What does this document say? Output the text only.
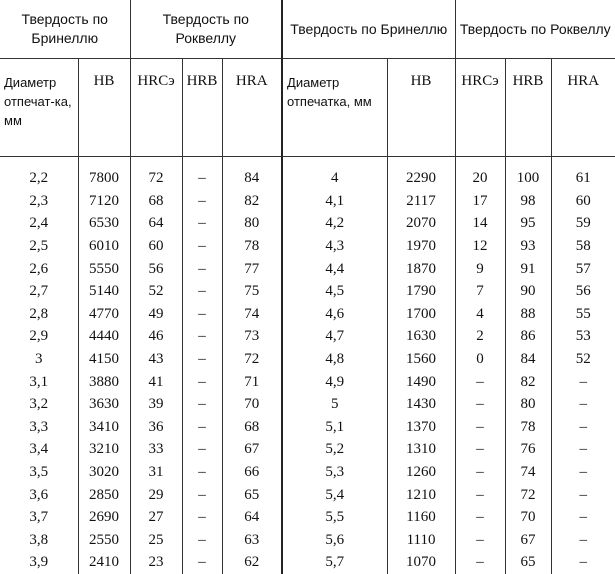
Твердость по Бринеллю		Твердость по Роквеллу			Твердость по Бринеллю		Твердость по Роквеллу		
Диаметр отпечат-ка, мм	НВ	HRCэ	HRB	HRA	Диаметр отпечатка, мм	НВ	HRCэ	HRB	HRA
2,2	7800	72	–	84	4	2290	20	100	61
2,3	7120	68	–	82	4,1	2117	17	98	60
2,4	6530	64	–	80	4,2	2070	14	95	59
2,5	6010	60	–	78	4,3	1970	12	93	58
2,6	5550	56	–	77	4,4	1870	9	91	57
2,7	5140	52	–	75	4,5	1790	7	90	56
2,8	4770	49	–	74	4,6	1700	4	88	55
2,9	4440	46	–	73	4,7	1630	2	86	53
3	4150	43	–	72	4,8	1560	0	84	52
3,1	3880	41	–	71	4,9	1490	–	82	–
3,2	3630	39	–	70	5	1430	–	80	–
3,3	3410	36	–	68	5,1	1370	–	78	–
3,4	3210	33	–	67	5,2	1310	–	76	–
3,5	3020	31	–	66	5,3	1260	–	74	–
3,6	2850	29	–	65	5,4	1210	–	72	–
3,7	2690	27	–	64	5,5	1160	–	70	–
3,8	2550	25	–	63	5,6	1110	–	67	–
3,9	2410	23	–	62	5,7	1070	–	65	–
